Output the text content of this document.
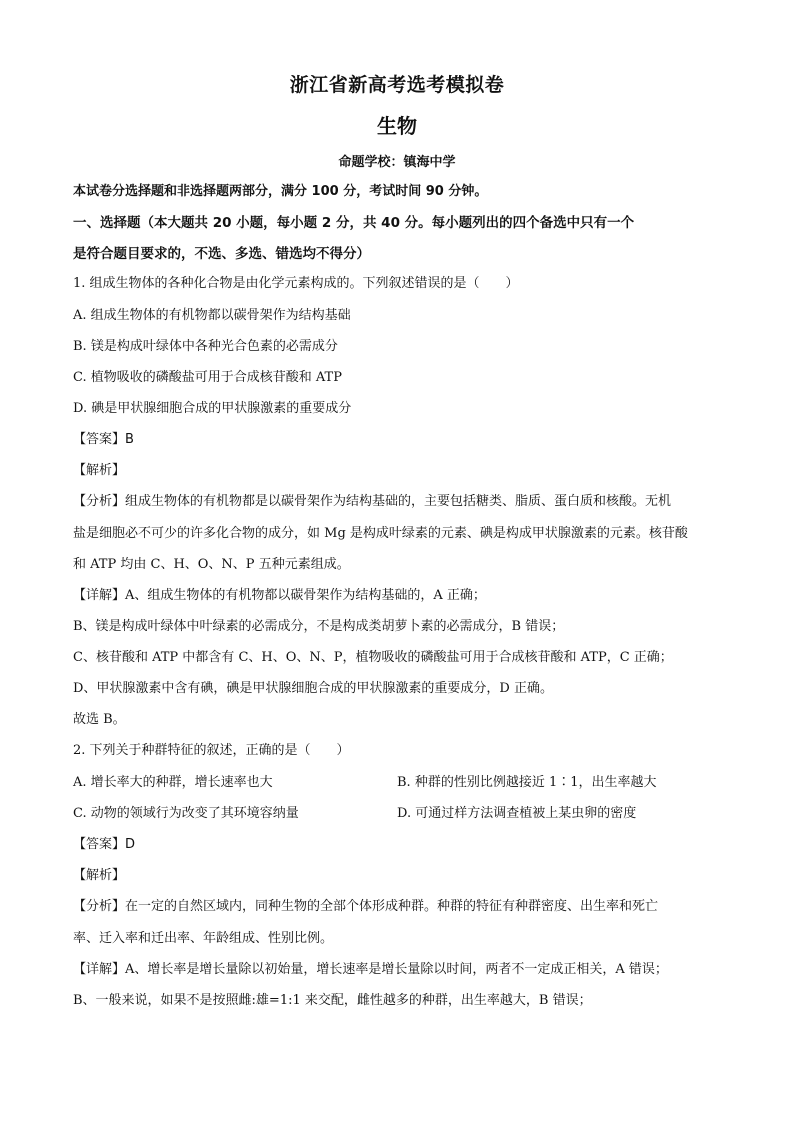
浙江省新高考选考模拟卷
生物
命题学校：镇海中学
本试卷分选择题和非选择题两部分，满分 100 分，考试时间 90 分钟。
一、选择题（本大题共 20 小题，每小题 2 分，共 40 分。每小题列出的四个备选中只有一个
是符合题目要求的，不选、多选、错选均不得分）
1. 组成生物体的各种化合物是由化学元素构成的。下列叙述错误的是（　　）
A. 组成生物体的有机物都以碳骨架作为结构基础
B. 镁是构成叶绿体中各种光合色素的必需成分
C. 植物吸收的磷酸盐可用于合成核苷酸和 ATP
D. 碘是甲状腺细胞合成的甲状腺激素的重要成分
【答案】B
【解析】
【分析】组成生物体的有机物都是以碳骨架作为结构基础的，主要包括糖类、脂质、蛋白质和核酸。无机
盐是细胞必不可少的许多化合物的成分，如 Mg 是构成叶绿素的元素、碘是构成甲状腺激素的元素。核苷酸
和 ATP 均由 C、H、O、N、P 五种元素组成。
【详解】A、组成生物体的有机物都以碳骨架作为结构基础的，A 正确；
B、镁是构成叶绿体中叶绿素的必需成分，不是构成类胡萝卜素的必需成分，B 错误；
C、核苷酸和 ATP 中都含有 C、H、O、N、P，植物吸收的磷酸盐可用于合成核苷酸和 ATP，C 正确；
D、甲状腺激素中含有碘，碘是甲状腺细胞合成的甲状腺激素的重要成分，D 正确。
故选 B。
2. 下列关于种群特征的叙述，正确的是（　　）
A. 增长率大的种群，增长速率也大	B. 种群的性别比例越接近 1∶1，出生率越大
C. 动物的领域行为改变了其环境容纳量	D. 可通过样方法调查植被上某虫卵的密度
【答案】D
【解析】
【分析】在一定的自然区域内，同种生物的全部个体形成种群。种群的特征有种群密度、出生率和死亡
率、迁入率和迁出率、年龄组成、性别比例。
【详解】A、增长率是增长量除以初始量，增长速率是增长量除以时间，两者不一定成正相关，A 错误；
B、一般来说，如果不是按照雌:雄=1:1 来交配，雌性越多的种群，出生率越大，B 错误；
